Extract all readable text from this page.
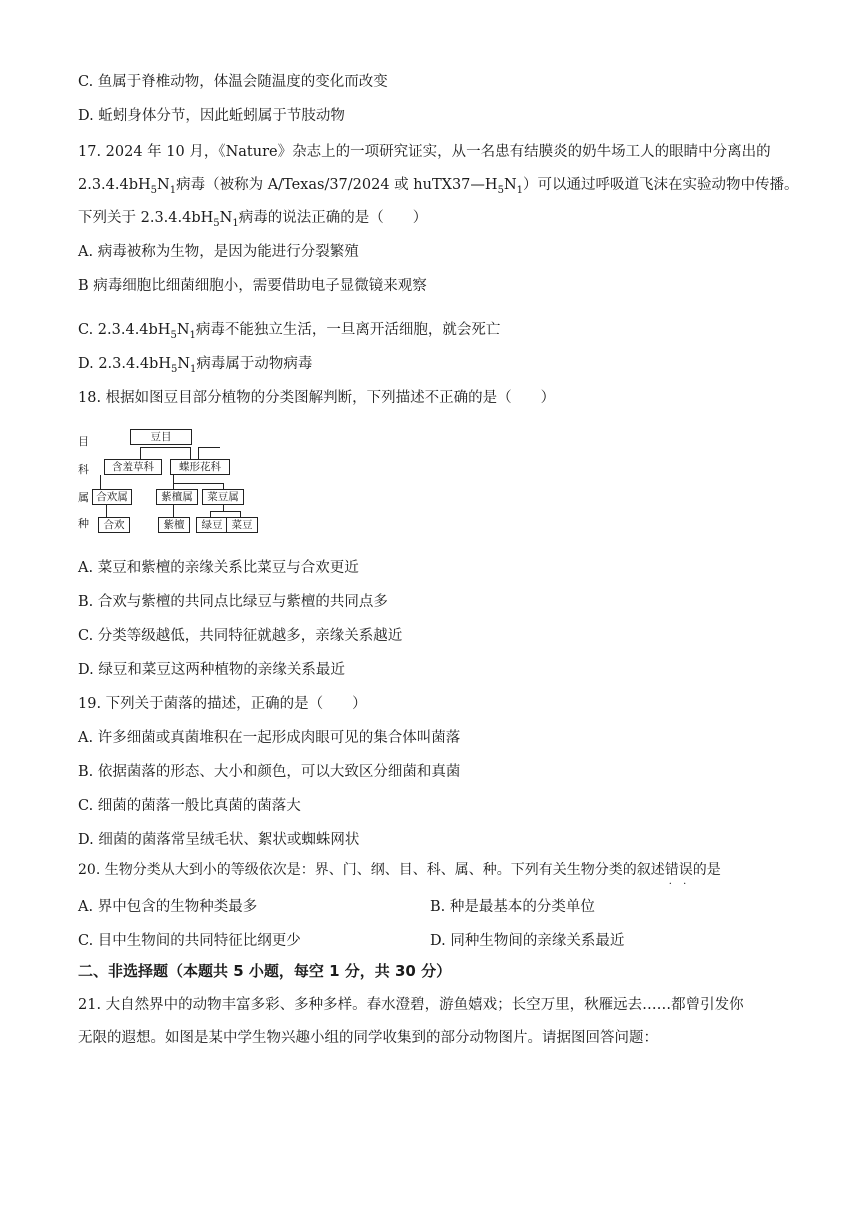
C. 鱼属于脊椎动物，体温会随温度的变化而改变
D. 蚯蚓身体分节，因此蚯蚓属于节肢动物
17. 2024 年 10 月，《Nature》杂志上的一项研究证实，从一名患有结膜炎的奶牛场工人的眼睛中分离出的
$2.3.4.4bH_5N_1$病毒（被称为 A/Texas/37/2024 或 $huTX37—H_5N_1$）可以通过呼吸道飞沫在实验动物中传播。
下列关于 $2.3.4.4bH_5N_1$病毒的说法正确的是（　　）
A. 病毒被称为生物，是因为能进行分裂繁殖
B 病毒细胞比细菌细胞小，需要借助电子显微镜来观察
C. $2.3.4.4bH_5N_1$病毒不能独立生活，一旦离开活细胞，就会死亡
D. $2.3.4.4bH_5N_1$病毒属于动物病毒
18. 根据如图豆目部分植物的分类图解判断，下列描述不正确的是（　　）
目
科
属
种
豆目
含羞草科	蝶形花科
合欢属	紫檀属	菜豆属
合欢	紫檀	绿豆 菜豆
A. 菜豆和紫檀的亲缘关系比菜豆与合欢更近
B. 合欢与紫檀的共同点比绿豆与紫檀的共同点多
C. 分类等级越低，共同特征就越多，亲缘关系越近
D. 绿豆和菜豆这两种植物的亲缘关系最近
19. 下列关于菌落的描述，正确的是（　　）
A. 许多细菌或真菌堆积在一起形成肉眼可见的集合体叫菌落
B. 依据菌落的形态、大小和颜色，可以大致区分细菌和真菌
C. 细菌的菌落一般比真菌的菌落大
D. 细菌的菌落常呈绒毛状、絮状或蜘蛛网状
20. 生物分类从大到小的等级依次是：界、门、纲、目、科、属、种。下列有关生物分类的叙述错误 · ·的是
A. 界中包含的生物种类最多	B. 种是最基本的分类单位
C. 目中生物间的共同特征比纲更少	D. 同种生物间的亲缘关系最近
二、非选择题（本题共 5 小题，每空 1 分，共 30 分）
21. 大自然界中的动物丰富多彩、多种多样。春水澄碧，游鱼嬉戏；长空万里，秋雁远去……都曾引发你
无限的遐想。如图是某中学生物兴趣小组的同学收集到的部分动物图片。请据图回答问题：
